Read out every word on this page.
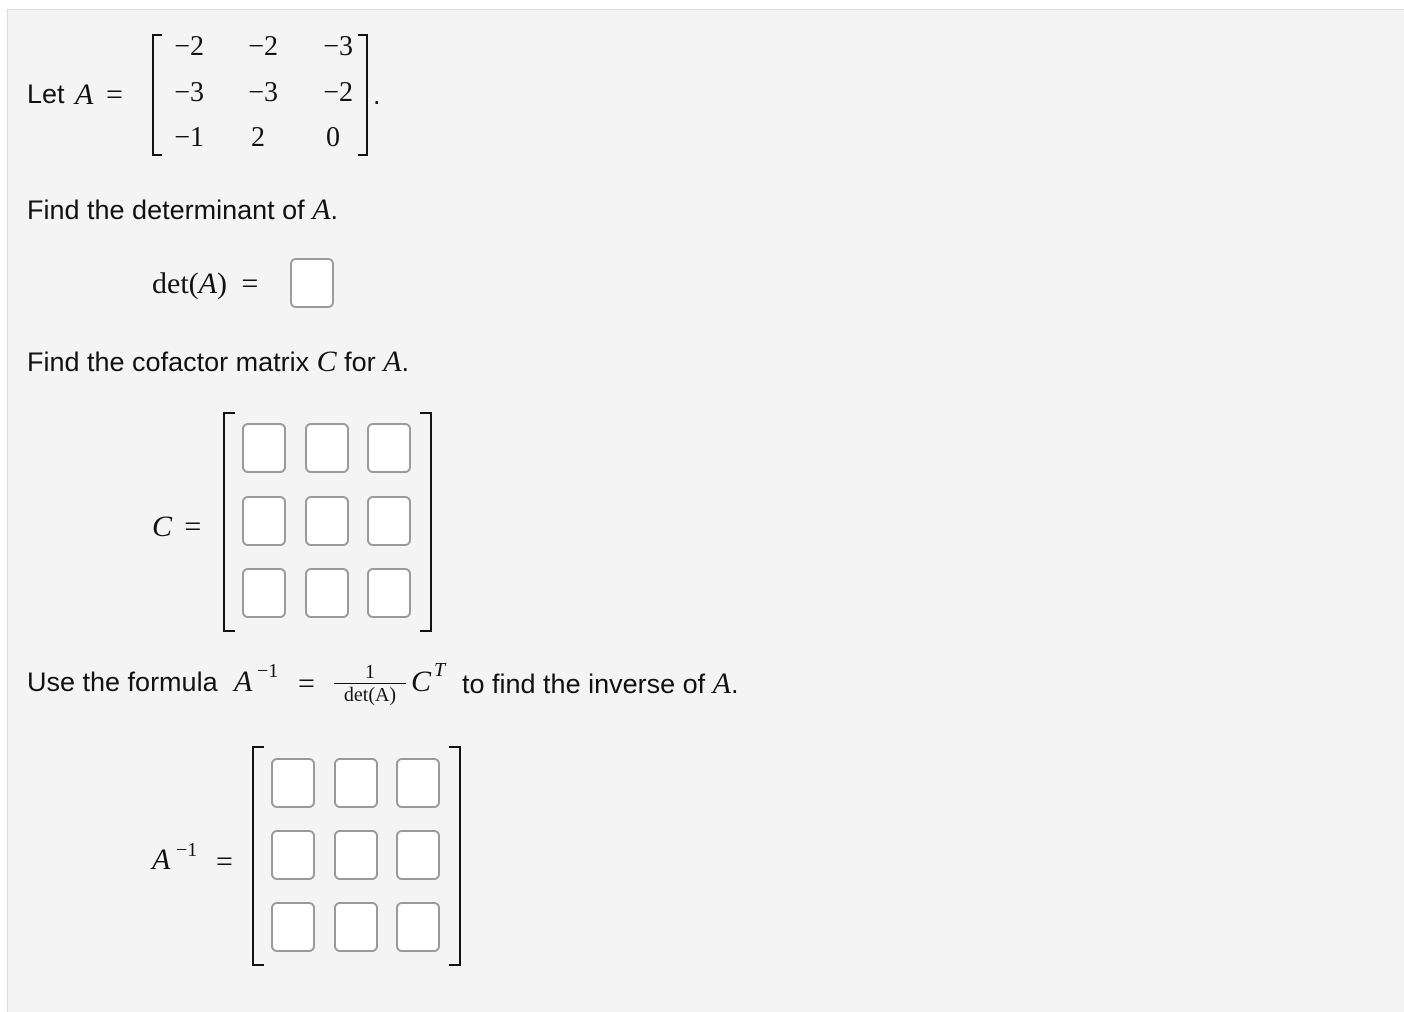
Let A =
−2	−2	−3
−3	−3	−2
−1	2	0
.
Find the determinant of A.
det(A) =
Find the cofactor matrix C for A.
C =
Use the formula A −1 =	1
det(A) C T to find the inverse of A.
A −1 =
